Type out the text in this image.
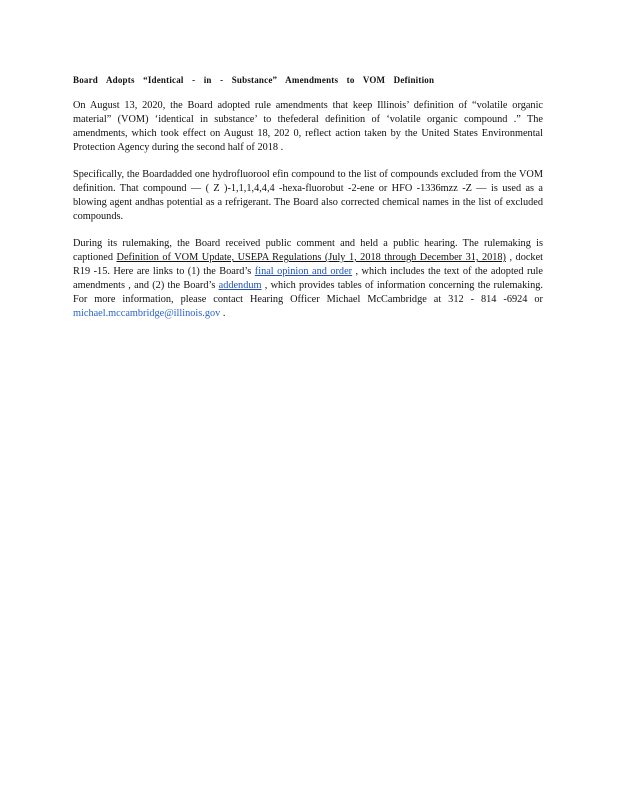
Board Adopts “Identical - in - Substance” Amendments to VOM Definition

On August 13, 2020, the Board adopted rule amendments that keep Illinois’ definition of “volatile organic material” (VOM) ‘identical in substance’ to thefederal definition of ‘volatile organic compound .” The amendments, which took effect on August 18, 202 0, reflect action taken by the United States Environmental Protection Agency during the second half of 2018 .

Specifically, the Boardadded one hydrofluorool efin compound to the list of compounds excluded from the VOM definition. That compound — ( Z )-1,1,1,4,4,4 -hexa-fluorobut -2-ene or HFO -1336mzz -Z — is used as a blowing agent andhas potential as a refrigerant. The Board also corrected chemical names in the list of excluded compounds.

During its rulemaking, the Board received public comment and held a public hearing. The rulemaking is captioned Definition of VOM Update, USEPA Regulations (July 1, 2018 through December 31, 2018) , docket R19 -15. Here are links to (1) the Board’s final opinion and order , which includes the text of the adopted rule amendments , and (2) the Board’s addendum , which provides tables of information concerning the rulemaking. For more information, please contact Hearing Officer Michael McCambridge at 312 - 814 -6924 or michael.mccambridge@illinois.gov .
